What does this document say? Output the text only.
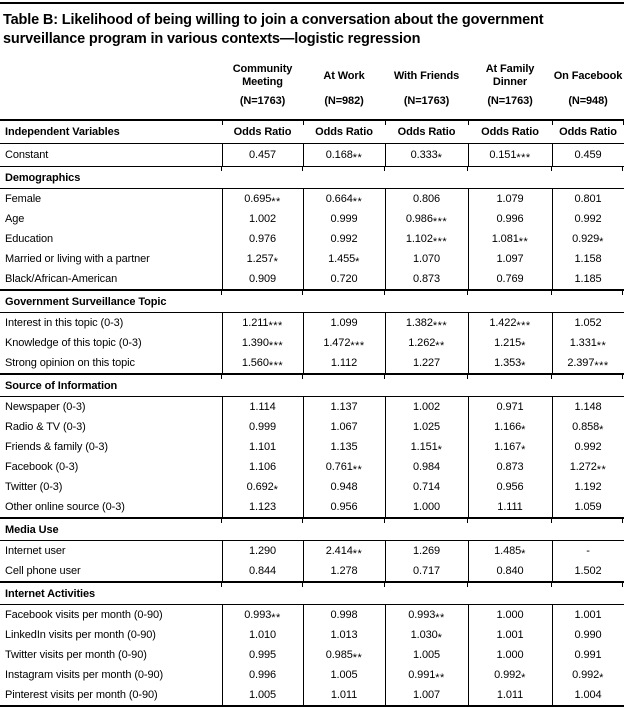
Table B: Likelihood of being willing to join a conversation about the government
surveillance program in various contexts—logistic regression
	Community Meeting	At Work	With Friends	At Family Dinner	On Facebook
	(N=1763)	(N=982)	(N=1763)	(N=1763)	(N=948)
Independent Variables	Odds Ratio	Odds Ratio	Odds Ratio	Odds Ratio	Odds Ratio
Constant	0.457	0.168**	0.333*	0.151***	0.459
Demographics					
Female	0.695**	0.664**	0.806	1.079	0.801
Age	1.002	0.999	0.986***	0.996	0.992
Education	0.976	0.992	1.102***	1.081**	0.929*
Married or living with a partner	1.257*	1.455*	1.070	1.097	1.158
Black/African-American	0.909	0.720	0.873	0.769	1.185
Government Surveillance Topic					
Interest in this topic (0-3)	1.211***	1.099	1.382***	1.422***	1.052
Knowledge of this topic (0-3)	1.390***	1.472***	1.262**	1.215*	1.331**
Strong opinion on this topic	1.560***	1.112	1.227	1.353*	2.397***
Source of Information					
Newspaper (0-3)	1.114	1.137	1.002	0.971	1.148
Radio & TV (0-3)	0.999	1.067	1.025	1.166*	0.858*
Friends & family (0-3)	1.101	1.135	1.151*	1.167*	0.992
Facebook (0-3)	1.106	0.761**	0.984	0.873	1.272**
Twitter (0-3)	0.692*	0.948	0.714	0.956	1.192
Other online source (0-3)	1.123	0.956	1.000	1.111	1.059
Media Use					
Internet user	1.290	2.414**	1.269	1.485*	-
Cell phone user	0.844	1.278	0.717	0.840	1.502
Internet Activities					
Facebook visits per month (0-90)	0.993**	0.998	0.993**	1.000	1.001
LinkedIn visits per month (0-90)	1.010	1.013	1.030*	1.001	0.990
Twitter visits per month (0-90)	0.995	0.985**	1.005	1.000	0.991
Instagram visits per month (0-90)	0.996	1.005	0.991**	0.992*	0.992*
Pinterest visits per month (0-90)	1.005	1.011	1.007	1.011	1.004
